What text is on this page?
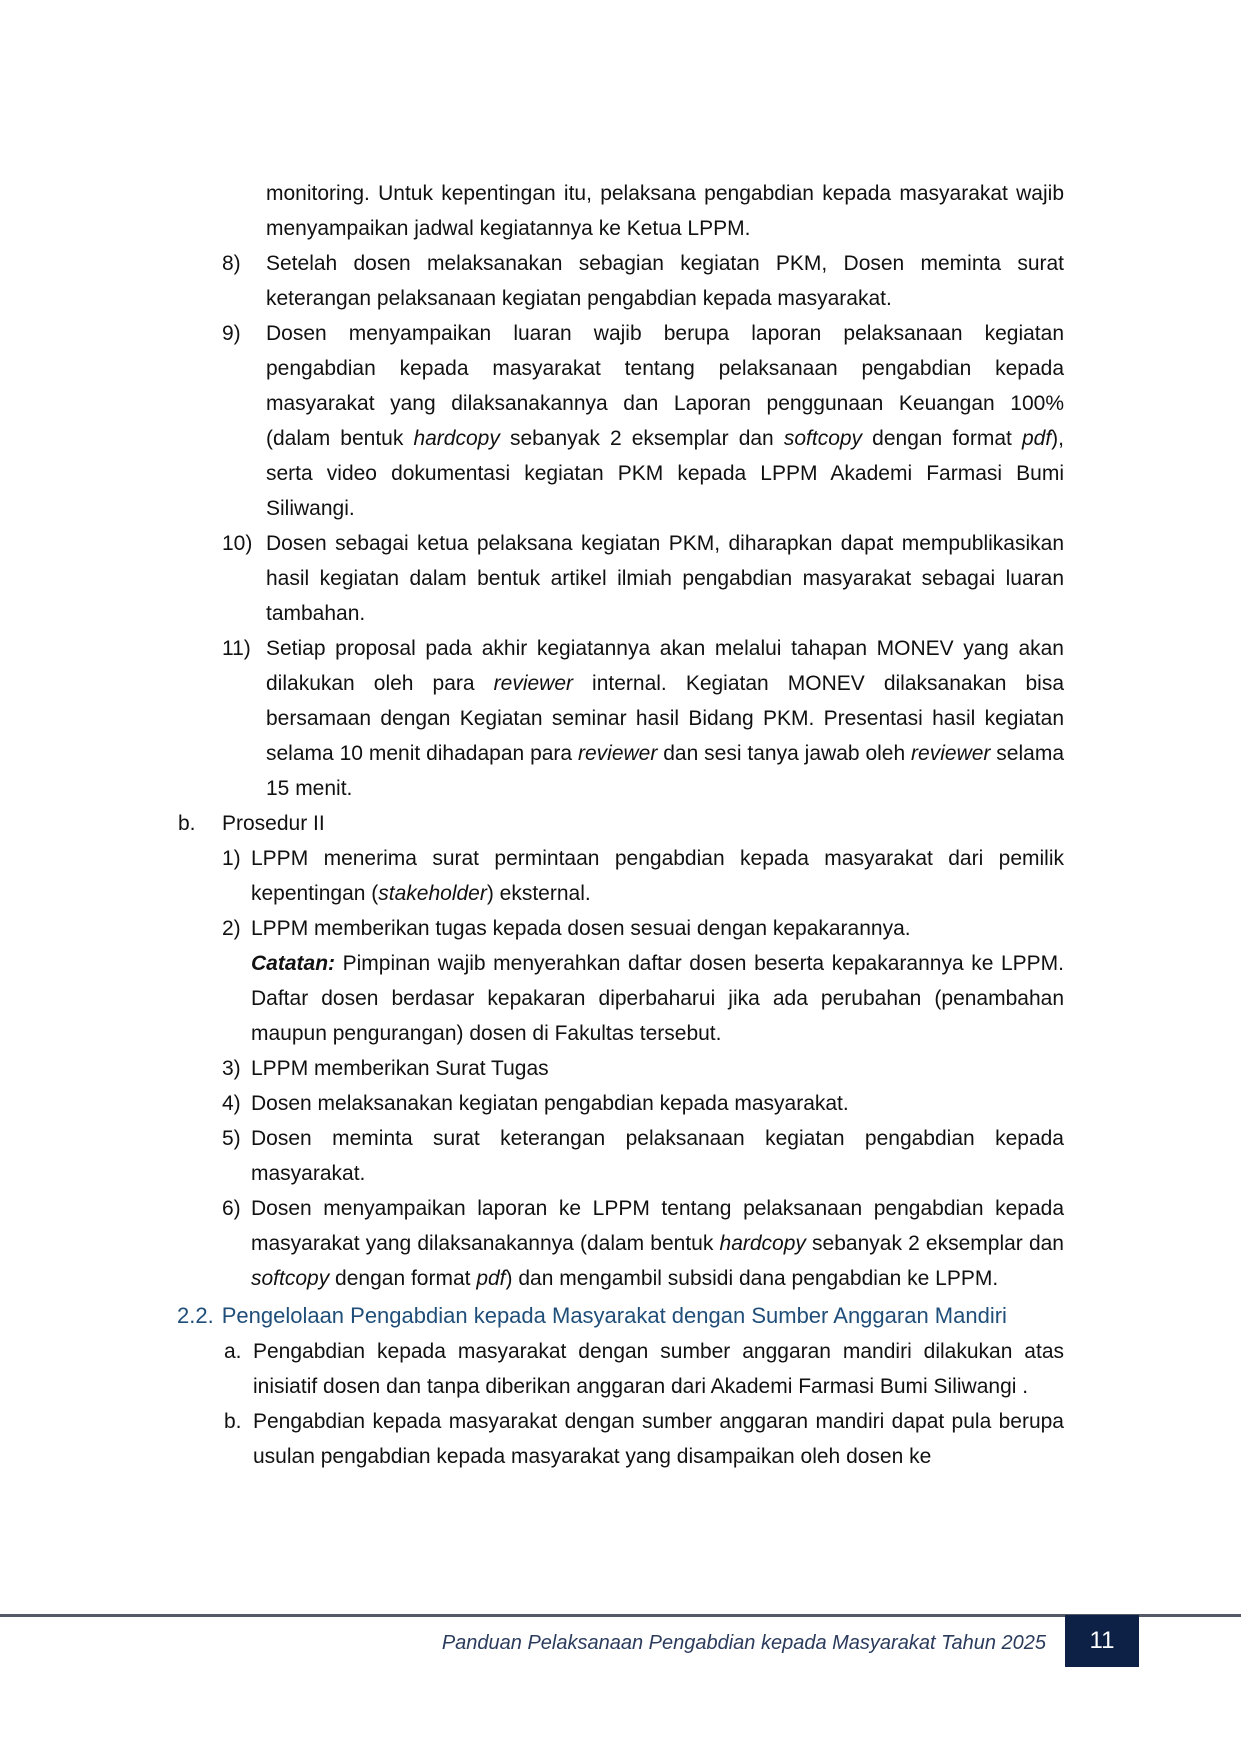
monitoring. Untuk kepentingan itu, pelaksana pengabdian kepada masyarakat wajib menyampaikan jadwal kegiatannya ke Ketua LPPM.
8) Setelah dosen melaksanakan sebagian kegiatan PKM, Dosen meminta surat keterangan pelaksanaan kegiatan pengabdian kepada masyarakat.
9) Dosen menyampaikan luaran wajib berupa laporan pelaksanaan kegiatan pengabdian kepada masyarakat tentang pelaksanaan pengabdian kepada masyarakat yang dilaksanakannya dan Laporan penggunaan Keuangan 100% (dalam bentuk hardcopy sebanyak 2 eksemplar dan softcopy dengan format pdf), serta video dokumentasi kegiatan PKM kepada LPPM Akademi Farmasi Bumi Siliwangi.
10) Dosen sebagai ketua pelaksana kegiatan PKM, diharapkan dapat mempublikasikan hasil kegiatan dalam bentuk artikel ilmiah pengabdian masyarakat sebagai luaran tambahan.
11) Setiap proposal pada akhir kegiatannya akan melalui tahapan MONEV yang akan dilakukan oleh para reviewer internal. Kegiatan MONEV dilaksanakan bisa bersamaan dengan Kegiatan seminar hasil Bidang PKM. Presentasi hasil kegiatan selama 10 menit dihadapan para reviewer dan sesi tanya jawab oleh reviewer selama 15 menit.
b. Prosedur II
1) LPPM menerima surat permintaan pengabdian kepada masyarakat dari pemilik kepentingan (stakeholder) eksternal.
2) LPPM memberikan tugas kepada dosen sesuai dengan kepakarannya.
Catatan: Pimpinan wajib menyerahkan daftar dosen beserta kepakarannya ke LPPM. Daftar dosen berdasar kepakaran diperbaharui jika ada perubahan (penambahan maupun pengurangan) dosen di Fakultas tersebut.
3) LPPM memberikan Surat Tugas
4) Dosen melaksanakan kegiatan pengabdian kepada masyarakat.
5) Dosen meminta surat keterangan pelaksanaan kegiatan pengabdian kepada masyarakat.
6) Dosen menyampaikan laporan ke LPPM tentang pelaksanaan pengabdian kepada masyarakat yang dilaksanakannya (dalam bentuk hardcopy sebanyak 2 eksemplar dan softcopy dengan format pdf) dan mengambil subsidi dana pengabdian ke LPPM.
2.2. Pengelolaan Pengabdian kepada Masyarakat dengan Sumber Anggaran Mandiri
a. Pengabdian kepada masyarakat dengan sumber anggaran mandiri dilakukan atas inisiatif dosen dan tanpa diberikan anggaran dari Akademi Farmasi Bumi Siliwangi .
b. Pengabdian kepada masyarakat dengan sumber anggaran mandiri dapat pula berupa usulan pengabdian kepada masyarakat yang disampaikan oleh dosen ke
Panduan Pelaksanaan Pengabdian kepada Masyarakat Tahun 2025	11
